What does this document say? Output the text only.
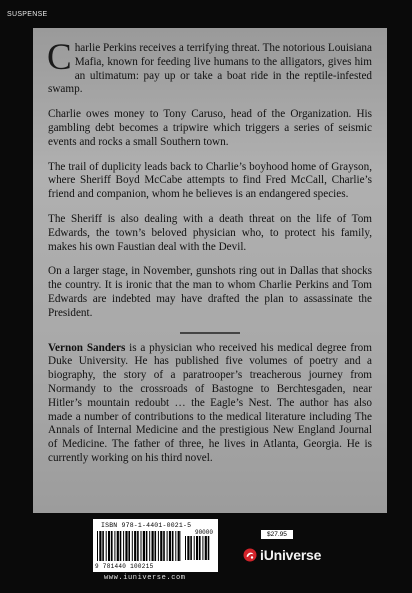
SUSPENSE

Charlie Perkins receives a terrifying threat. The notorious Louisiana Mafia, known for feeding live humans to the alligators, gives him an ultimatum: pay up or take a boat ride in the reptile-infested swamp.

Charlie owes money to Tony Caruso, head of the Organization. His gambling debt becomes a tripwire which triggers a series of seismic events and rocks a small Southern town.

The trail of duplicity leads back to Charlie’s boyhood home of Grayson, where Sheriff Boyd McCabe attempts to find Fred McCall, Charlie’s friend and companion, whom he believes is an endangered species.

The Sheriff is also dealing with a death threat on the life of Tom Edwards, the town’s beloved physician who, to protect his family, makes his own Faustian deal with the Devil.

On a larger stage, in November, gunshots ring out in Dallas that shocks the country. It is ironic that the man to whom Charlie Perkins and Tom Edwards are indebted may have drafted the plan to assassinate the President.

Vernon Sanders is a physician who received his medical degree from Duke University. He has published five volumes of poetry and a biography, the story of a paratrooper’s treacherous journey from Normandy to the crossroads of Bastogne to Berchtesgaden, near Hitler’s mountain redoubt … the Eagle’s Nest. The author has also made a number of contributions to the medical literature including The Annals of Internal Medicine and the prestigious New England Journal of Medicine. The father of three, he lives in Atlanta, Georgia. He is currently working on his third novel.

ISBN 978-1-4401-0021-5
90000
9 781440 100215
www.iuniverse.com
$27.95
iUniverse
